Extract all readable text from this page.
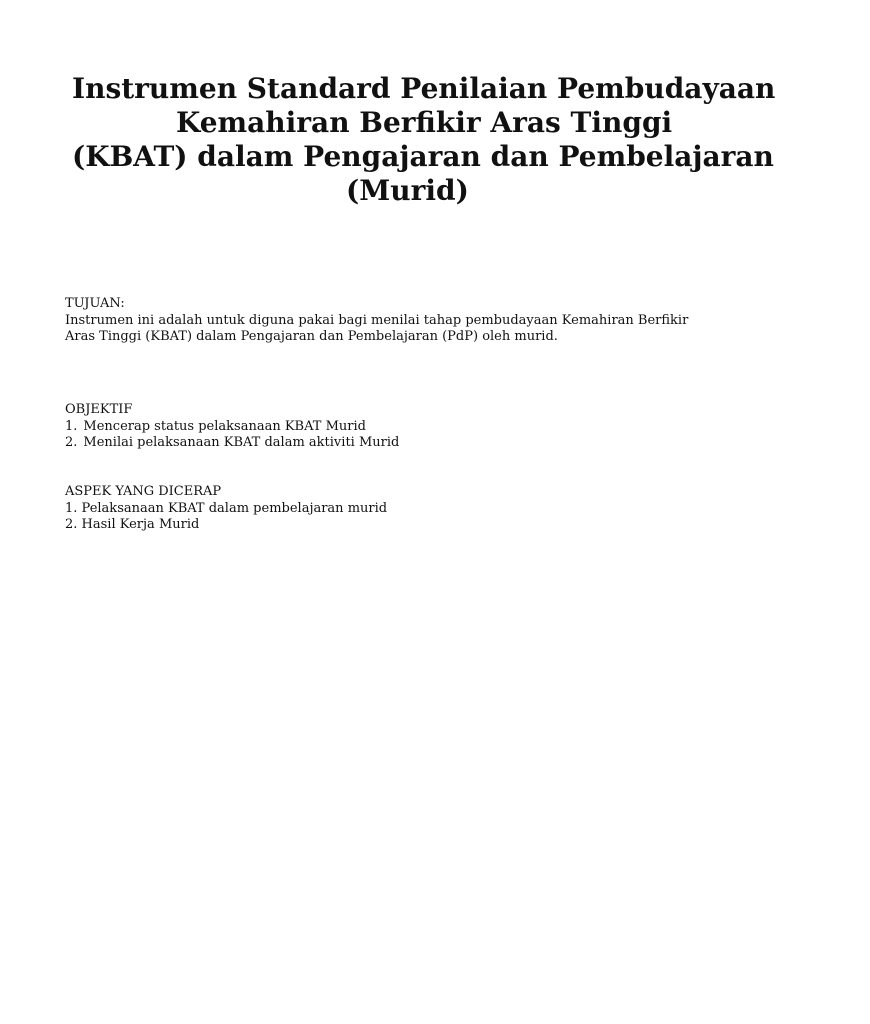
Instrumen Standard Penilaian Pembudayaan
Kemahiran Berfikir Aras Tinggi
(KBAT) dalam Pengajaran dan Pembelajaran
(Murid)
TUJUAN:
Instrumen ini adalah untuk diguna pakai bagi menilai tahap pembudayaan Kemahiran Berfikir
Aras Tinggi (KBAT) dalam Pengajaran dan Pembelajaran (PdP) oleh murid.
OBJEKTIF
1. Mencerap status pelaksanaan KBAT Murid
2. Menilai pelaksanaan KBAT dalam aktiviti Murid
ASPEK YANG DICERAP
1. Pelaksanaan KBAT dalam pembelajaran murid
2. Hasil Kerja Murid
